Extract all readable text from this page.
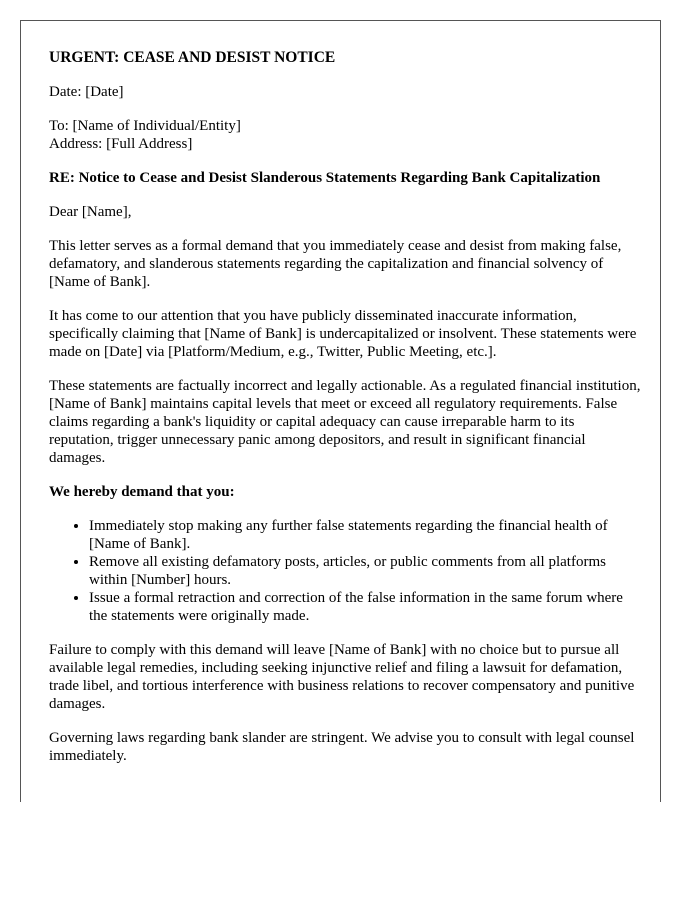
URGENT: CEASE AND DESIST NOTICE

Date: [Date]

To: [Name of Individual/Entity]
Address: [Full Address]

RE: Notice to Cease and Desist Slanderous Statements Regarding Bank Capitalization

Dear [Name],

This letter serves as a formal demand that you immediately cease and desist from making false, defamatory, and slanderous statements regarding the capitalization and financial solvency of [Name of Bank].

It has come to our attention that you have publicly disseminated inaccurate information, specifically claiming that [Name of Bank] is undercapitalized or insolvent. These statements were made on [Date] via [Platform/Medium, e.g., Twitter, Public Meeting, etc.].

These statements are factually incorrect and legally actionable. As a regulated financial institution, [Name of Bank] maintains capital levels that meet or exceed all regulatory requirements. False claims regarding a bank's liquidity or capital adequacy can cause irreparable harm to its reputation, trigger unnecessary panic among depositors, and result in significant financial damages.

We hereby demand that you:

• Immediately stop making any further false statements regarding the financial health of [Name of Bank].
• Remove all existing defamatory posts, articles, or public comments from all platforms within [Number] hours.
• Issue a formal retraction and correction of the false information in the same forum where the statements were originally made.

Failure to comply with this demand will leave [Name of Bank] with no choice but to pursue all available legal remedies, including seeking injunctive relief and filing a lawsuit for defamation, trade libel, and tortious interference with business relations to recover compensatory and punitive damages.

Governing laws regarding bank slander are stringent. We advise you to consult with legal counsel immediately.
